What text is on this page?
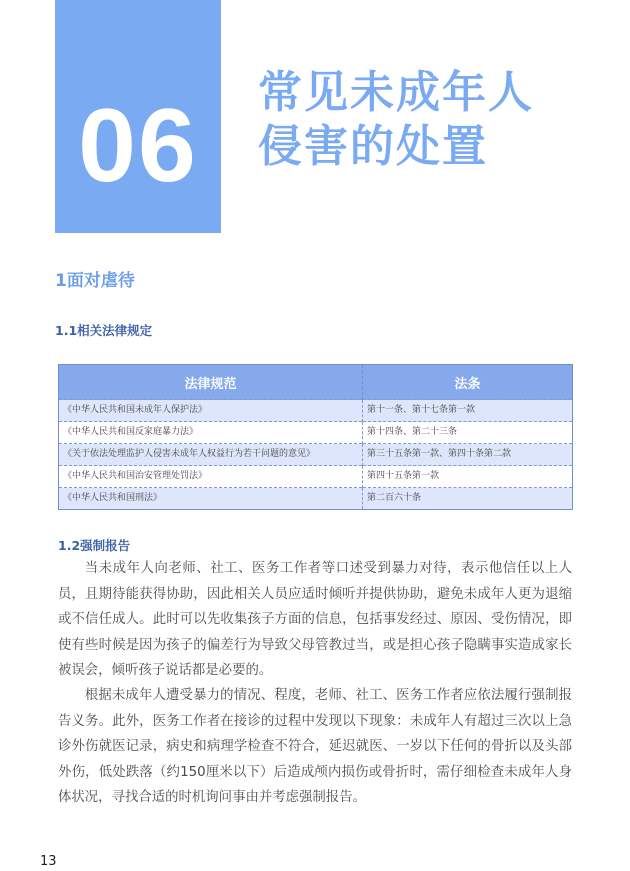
06	常见未成年人
侵害的处置
1面对虐待
1.1相关法律规定
法律规范	法条
《中华人民共和国未成年人保护法》	第十一条、第十七条第一款
《中华人民共和国反家庭暴力法》	第十四条、第二十三条
《关于依法处理监护人侵害未成年人权益行为若干问题的意见》	第三十五条第一款、第四十条第二款
《中华人民共和国治安管理处罚法》	第四十五条第一款
《中华人民共和国刑法》	第二百六十条
1.2强制报告

当未成年人向老师、社工、医务工作者等口述受到暴力对待，表示他信任以上人员，且期待能获得协助，因此相关人员应适时倾听并提供协助，避免未成年人更为退缩或不信任成人。此时可以先收集孩子方面的信息，包括事发经过、原因、受伤情况，即使有些时候是因为孩子的偏差行为导致父母管教过当，或是担心孩子隐瞒事实造成家长被误会，倾听孩子说话都是必要的。

根据未成年人遭受暴力的情况、程度，老师、社工、医务工作者应依法履行强制报告义务。此外，医务工作者在接诊的过程中发现以下现象：未成年人有超过三次以上急诊外伤就医记录，病史和病理学检查不符合，延迟就医、一岁以下任何的骨折以及头部外伤，低处跌落（约150厘米以下）后造成颅内损伤或骨折时，需仔细检查未成年人身体状况，寻找合适的时机询问事由并考虑强制报告。

13
